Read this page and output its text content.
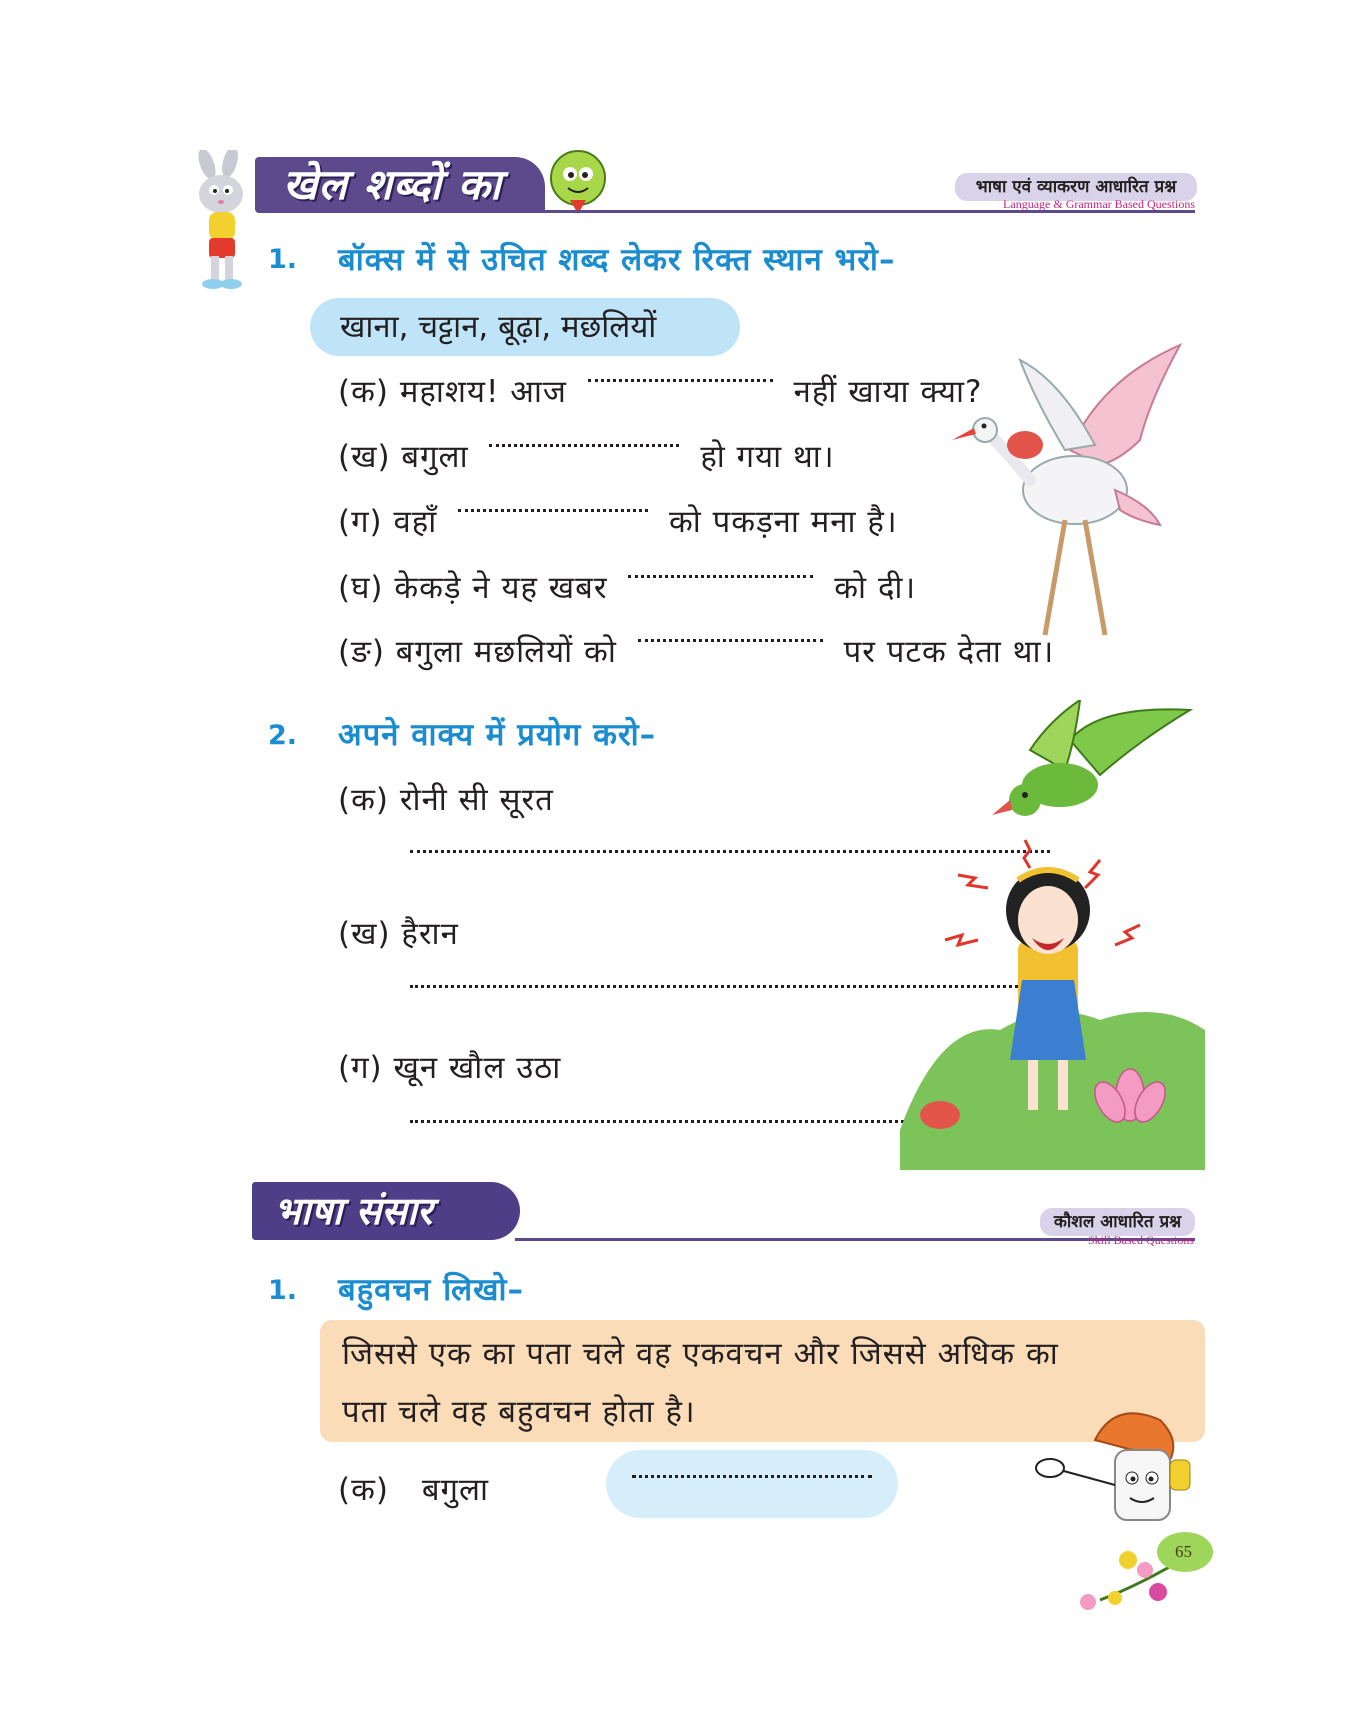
खेल शब्दों का	भाषा एवं व्याकरण आधारित प्रश्न
Language & Grammar Based Questions
1. बॉक्स में से उचित शब्द लेकर रिक्त स्थान भरो–
खाना, चट्टान, बूढ़ा, मछलियों
(क) महाशय! आज	नहीं खाया क्या?
(ख) बगुला	हो गया था।
(ग) वहाँ	को पकड़ना मना है।
(घ) केकड़े ने यह खबर	को दी।
(ङ) बगुला मछलियों को	पर पटक देता था।
2. अपने वाक्य में प्रयोग करो–
(क) रोनी सी सूरत
(ख) हैरान
(ग) खून खौल उठा
भाषा संसार	कौशल आधारित प्रश्न
Skill Based Questions
1. बहुवचन लिखो–
जिससे एक का पता चले वह एकवचन और जिससे अधिक का
पता चले वह बहुवचन होता है।
(क) बगुला
65
